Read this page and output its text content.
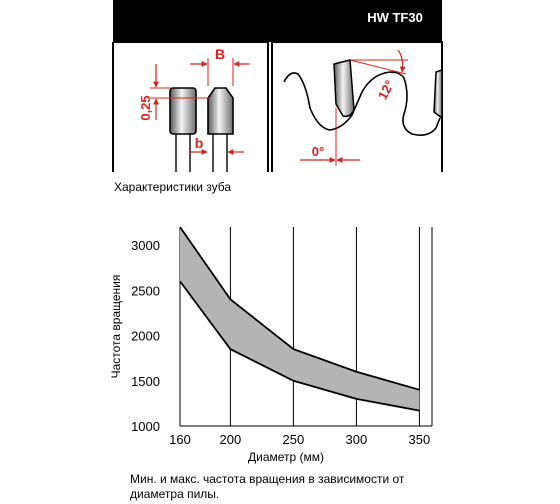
HW TF30
B
0,25
b
12°
0°
Характеристики зуба
160 200	250	300	350
3000
2500
2000
1500
1000
Диаметр (мм)
Частота вращения
Мин. и макс. частота вращения в зависимости от диаметра пилы.
